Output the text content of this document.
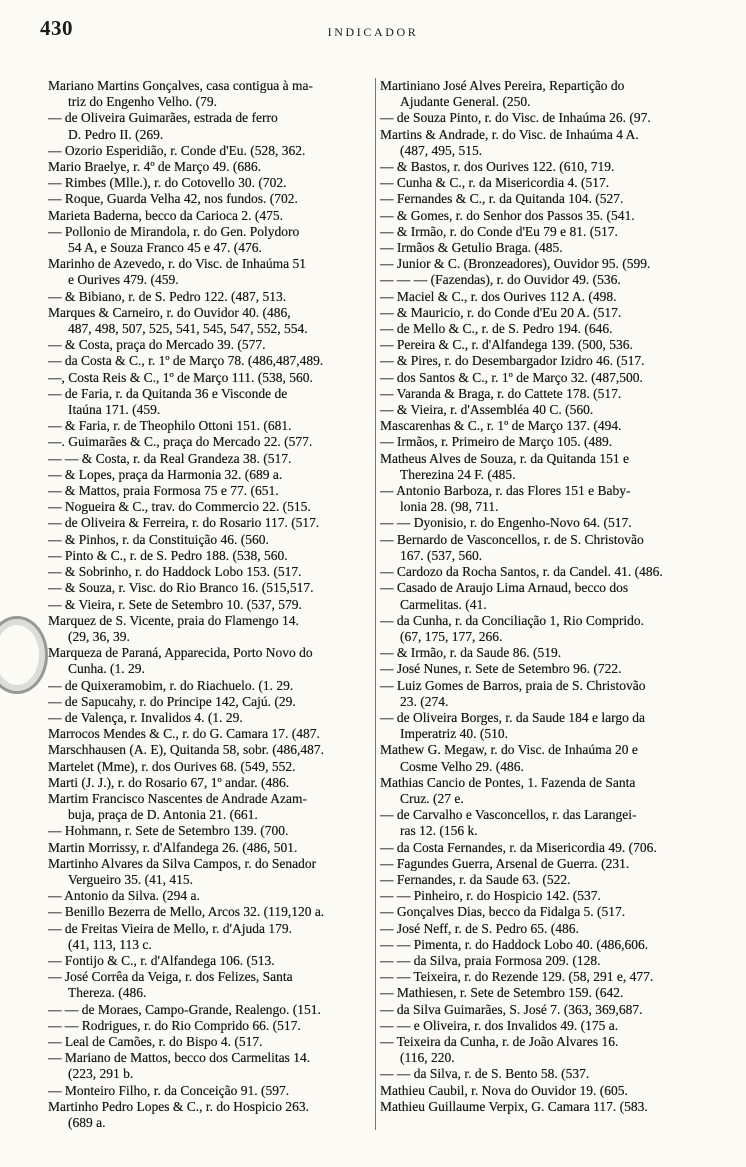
430	INDICADOR
Mariano Martins Gonçalves, casa contigua à ma-
triz do Engenho Velho. (79.
— de Oliveira Guimarães, estrada de ferro
D. Pedro II. (269.
— Ozorio Esperidião, r. Conde d'Eu. (528, 362.
Mario Braelye, r. 4º de Março 49. (686.
— Rimbes (Mlle.), r. do Cotovello 30. (702.
— Roque, Guarda Velha 42, nos fundos. (702.
Marieta Baderna, becco da Carioca 2. (475.
— Pollonio de Mirandola, r. do Gen. Polydoro
54 A, e Souza Franco 45 e 47. (476.
Marinho de Azevedo, r. do Visc. de Inhaúma 51
e Ourives 479. (459.
— & Bibiano, r. de S. Pedro 122. (487, 513.
Marques & Carneiro, r. do Ouvidor 40. (486,
487, 498, 507, 525, 541, 545, 547, 552, 554.
— & Costa, praça do Mercado 39. (577.
— da Costa & C., r. 1º de Março 78. (486,487,489.
—, Costa Reis & C., 1º de Março 111. (538, 560.
— de Faria, r. da Quitanda 36 e Visconde de
Itaúna 171. (459.
— & Faria, r. de Theophilo Ottoni 151. (681.
—. Guimarães & C., praça do Mercado 22. (577.
— — & Costa, r. da Real Grandeza 38. (517.
— & Lopes, praça da Harmonia 32. (689 a.
— & Mattos, praia Formosa 75 e 77. (651.
— Nogueira & C., trav. do Commercio 22. (515.
— de Oliveira & Ferreira, r. do Rosario 117. (517.
— & Pinhos, r. da Constituição 46. (560.
— Pinto & C., r. de S. Pedro 188. (538, 560.
— & Sobrinho, r. do Haddock Lobo 153. (517.
— & Souza, r. Visc. do Rio Branco 16. (515,517.
— & Vieira, r. Sete de Setembro 10. (537, 579.
Marquez de S. Vicente, praia do Flamengo 14.
(29, 36, 39.
Marqueza de Paraná, Apparecida, Porto Novo do
Cunha. (1. 29.
— de Quixeramobim, r. do Riachuelo. (1. 29.
— de Sapucahy, r. do Principe 142, Cajú. (29.
— de Valença, r. Invalidos 4. (1. 29.
Marrocos Mendes & C., r. do G. Camara 17. (487.
Marschhausen (A. E), Quitanda 58, sobr. (486,487.
Martelet (Mme), r. dos Ourives 68. (549, 552.
Marti (J. J.), r. do Rosario 67, 1º andar. (486.
Martim Francisco Nascentes de Andrade Azam-
buja, praça de D. Antonia 21. (661.
— Hohmann, r. Sete de Setembro 139. (700.
Martin Morrissy, r. d'Alfandega 26. (486, 501.
Martinho Alvares da Silva Campos, r. do Senador
Vergueiro 35. (41, 415.
— Antonio da Silva. (294 a.
— Benillo Bezerra de Mello, Arcos 32. (119,120 a.
— de Freitas Vieira de Mello, r. d'Ajuda 179.
(41, 113, 113 c.
— Fontijo & C., r. d'Alfandega 106. (513.
— José Corrêa da Veiga, r. dos Felizes, Santa
Thereza. (486.
— — de Moraes, Campo-Grande, Realengo. (151.
— — Rodrigues, r. do Rio Comprido 66. (517.
— Leal de Camões, r. do Bispo 4. (517.
— Mariano de Mattos, becco dos Carmelitas 14.
(223, 291 b.
— Monteiro Filho, r. da Conceição 91. (597.
Martinho Pedro Lopes & C., r. do Hospicio 263.
(689 a.
Martiniano José Alves Pereira, Repartição do
Ajudante General. (250.
— de Souza Pinto, r. do Visc. de Inhaúma 26. (97.
Martins & Andrade, r. do Visc. de Inhaúma 4 A.
(487, 495, 515.
— & Bastos, r. dos Ourives 122. (610, 719.
— Cunha & C., r. da Misericordia 4. (517.
— Fernandes & C., r. da Quitanda 104. (527.
— & Gomes, r. do Senhor dos Passos 35. (541.
— & Irmão, r. do Conde d'Eu 79 e 81. (517.
— Irmãos & Getulio Braga. (485.
— Junior & C. (Bronzeadores), Ouvidor 95. (599.
— — — (Fazendas), r. do Ouvidor 49. (536.
— Maciel & C., r. dos Ourives 112 A. (498.
— & Mauricio, r. do Conde d'Eu 20 A. (517.
— de Mello & C., r. de S. Pedro 194. (646.
— Pereira & C., r. d'Alfandega 139. (500, 536.
— & Pires, r. do Desembargador Izidro 46. (517.
— dos Santos & C., r. 1º de Março 32. (487,500.
— Varanda & Braga, r. do Cattete 178. (517.
— & Vieira, r. d'Assembléa 40 C. (560.
Mascarenhas & C., r. 1º de Março 137. (494.
— Irmãos, r. Primeiro de Março 105. (489.
Matheus Alves de Souza, r. da Quitanda 151 e
Therezina 24 F. (485.
— Antonio Barboza, r. das Flores 151 e Baby-
lonia 28. (98, 711.
— — Dyonisio, r. do Engenho-Novo 64. (517.
— Bernardo de Vasconcellos, r. de S. Christovão
167. (537, 560.
— Cardozo da Rocha Santos, r. da Candel. 41. (486.
— Casado de Araujo Lima Arnaud, becco dos
Carmelitas. (41.
— da Cunha, r. da Conciliação 1, Rio Comprido.
(67, 175, 177, 266.
— & Irmão, r. da Saude 86. (519.
— José Nunes, r. Sete de Setembro 96. (722.
— Luiz Gomes de Barros, praia de S. Christovão
23. (274.
— de Oliveira Borges, r. da Saude 184 e largo da
Imperatriz 40. (510.
Mathew G. Megaw, r. do Visc. de Inhaúma 20 e
Cosme Velho 29. (486.
Mathias Cancio de Pontes, 1. Fazenda de Santa
Cruz. (27 e.
— de Carvalho e Vasconcellos, r. das Larangei-
ras 12. (156 k.
— da Costa Fernandes, r. da Misericordia 49. (706.
— Fagundes Guerra, Arsenal de Guerra. (231.
— Fernandes, r. da Saude 63. (522.
— — Pinheiro, r. do Hospicio 142. (537.
— Gonçalves Dias, becco da Fidalga 5. (517.
— José Neff, r. de S. Pedro 65. (486.
— — Pimenta, r. do Haddock Lobo 40. (486,606.
— — da Silva, praia Formosa 209. (128.
— — Teixeira, r. do Rezende 129. (58, 291 e, 477.
— Mathiesen, r. Sete de Setembro 159. (642.
— da Silva Guimarães, S. José 7. (363, 369,687.
— — e Oliveira, r. dos Invalidos 49. (175 a.
— Teixeira da Cunha, r. de João Alvares 16.
(116, 220.
— — da Silva, r. de S. Bento 58. (537.
Mathieu Caubil, r. Nova do Ouvidor 19. (605.
Mathieu Guillaume Verpix, G. Camara 117. (583.
